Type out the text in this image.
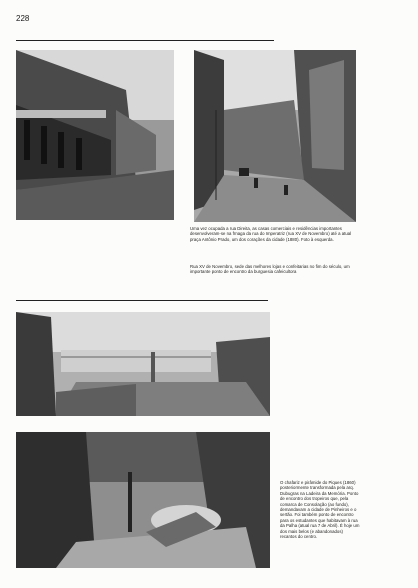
228
Uma vez ocupada a rua Direita, as casas comerciais e residências importantes desenvolveram-se na frnaga da rua do Imperatriz (rua XV de Novembro) até a atual praça Antônio Prado, um dos corações da cidade (1880). Foto à esquerda.
Rua XV de Novembro, sede das melhores lojas e confeitarias no fim do século, um importante ponto de encontro da burguesia cafeicultora
O chafariz e pirâmide do Piques (1860) posteriormente transformada pela arq. Dubugras na Ladeira da Memória. Ponto de encontro dos tropeiros que, pela comarca de Consolação (ao fundo), demandavam a cidade de Pinheiros e o sertão. Foi também ponto de encontro para os estudantes que habitavam à rua da Palha (atual rua 7 de Abril). É hoje um dos mais belos (e abandonados) recantos do centro.
